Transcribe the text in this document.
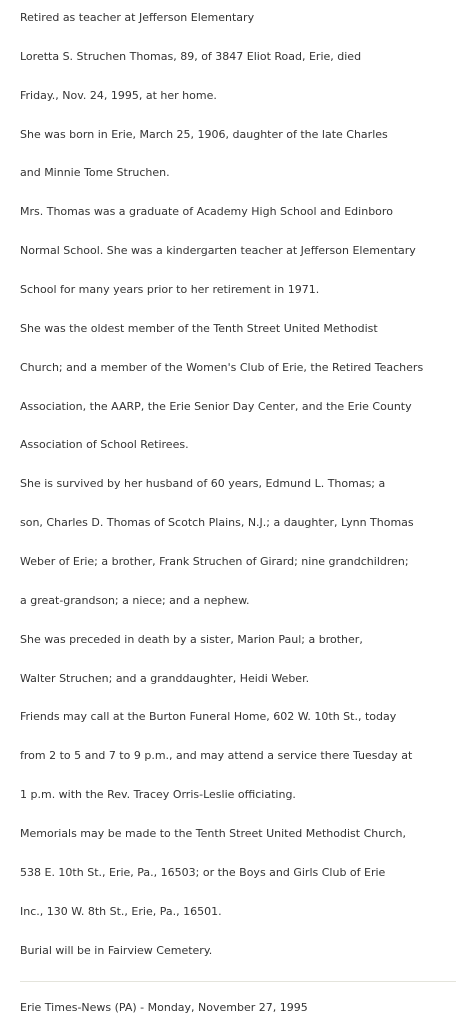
Retired as teacher at Jefferson Elementary
Loretta S. Struchen Thomas, 89, of 3847 Eliot Road, Erie, died
Friday., Nov. 24, 1995, at her home.
She was born in Erie, March 25, 1906, daughter of the late Charles
and Minnie Tome Struchen.
Mrs. Thomas was a graduate of Academy High School and Edinboro
Normal School. She was a kindergarten teacher at Jefferson Elementary
School for many years prior to her retirement in 1971.
She was the oldest member of the Tenth Street United Methodist
Church; and a member of the Women's Club of Erie, the Retired Teachers
Association, the AARP, the Erie Senior Day Center, and the Erie County
Association of School Retirees.
She is survived by her husband of 60 years, Edmund L. Thomas; a
son, Charles D. Thomas of Scotch Plains, N.J.; a daughter, Lynn Thomas
Weber of Erie; a brother, Frank Struchen of Girard; nine grandchildren;
a great-grandson; a niece; and a nephew.
She was preceded in death by a sister, Marion Paul; a brother,
Walter Struchen; and a granddaughter, Heidi Weber.
Friends may call at the Burton Funeral Home, 602 W. 10th St., today
from 2 to 5 and 7 to 9 p.m., and may attend a service there Tuesday at
1 p.m. with the Rev. Tracey Orris-Leslie officiating.
Memorials may be made to the Tenth Street United Methodist Church,
538 E. 10th St., Erie, Pa., 16503; or the Boys and Girls Club of Erie
Inc., 130 W. 8th St., Erie, Pa., 16501.
Burial will be in Fairview Cemetery.
Erie Times-News (PA) - Monday, November 27, 1995
